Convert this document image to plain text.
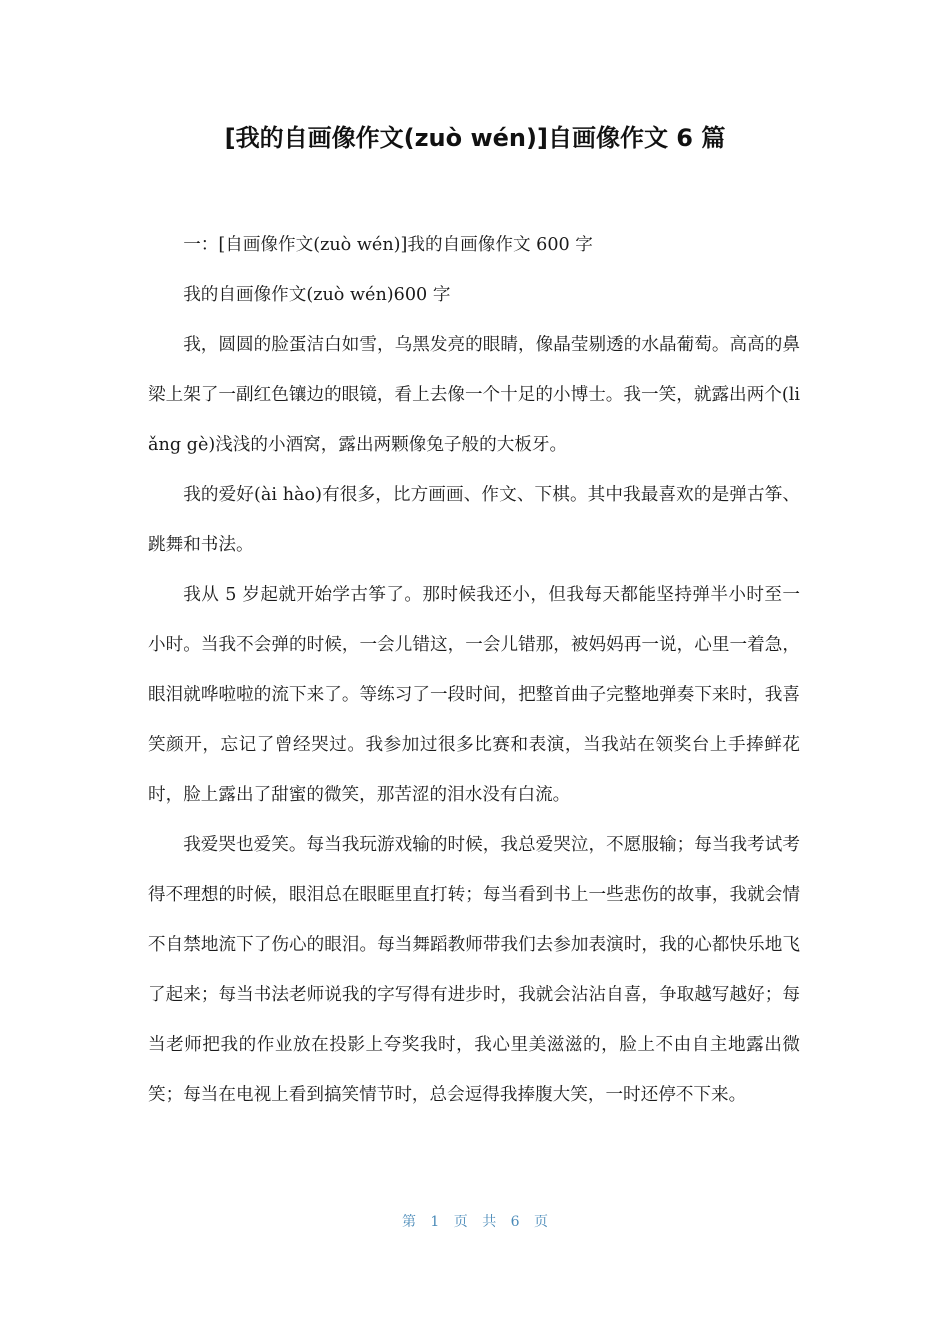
[我的自画像作文(zuò wén)]自画像作文 6 篇

一：[自画像作文(zuò wén)]我的自画像作文 600 字

我的自画像作文(zuò wén)600 字

我，圆圆的脸蛋洁白如雪，乌黑发亮的眼睛，像晶莹剔透的水晶葡萄。高高的鼻梁上架了一副红色镶边的眼镜，看上去像一个十足的小博士。我一笑，就露出两个(liǎng gè)浅浅的小酒窝，露出两颗像兔子般的大板牙。

我的爱好(ài hào)有很多，比方画画、作文、下棋。其中我最喜欢的是弹古筝、跳舞和书法。

我从 5 岁起就开始学古筝了。那时候我还小，但我每天都能坚持弹半小时至一小时。当我不会弹的时候，一会儿错这，一会儿错那，被妈妈再一说，心里一着急，眼泪就哗啦啦的流下来了。等练习了一段时间，把整首曲子完整地弹奏下来时，我喜笑颜开，忘记了曾经哭过。我参加过很多比赛和表演，当我站在领奖台上手捧鲜花时，脸上露出了甜蜜的微笑，那苦涩的泪水没有白流。

我爱哭也爱笑。每当我玩游戏输的时候，我总爱哭泣，不愿服输；每当我考试考得不理想的时候，眼泪总在眼眶里直打转；每当看到书上一些悲伤的故事，我就会情不自禁地流下了伤心的眼泪。每当舞蹈教师带我们去参加表演时，我的心都快乐地飞了起来；每当书法老师说我的字写得有进步时，我就会沾沾自喜，争取越写越好；每当老师把我的作业放在投影上夸奖我时，我心里美滋滋的，脸上不由自主地露出微笑；每当在电视上看到搞笑情节时，总会逗得我捧腹大笑，一时还停不下来。

第 1 页 共 6 页
